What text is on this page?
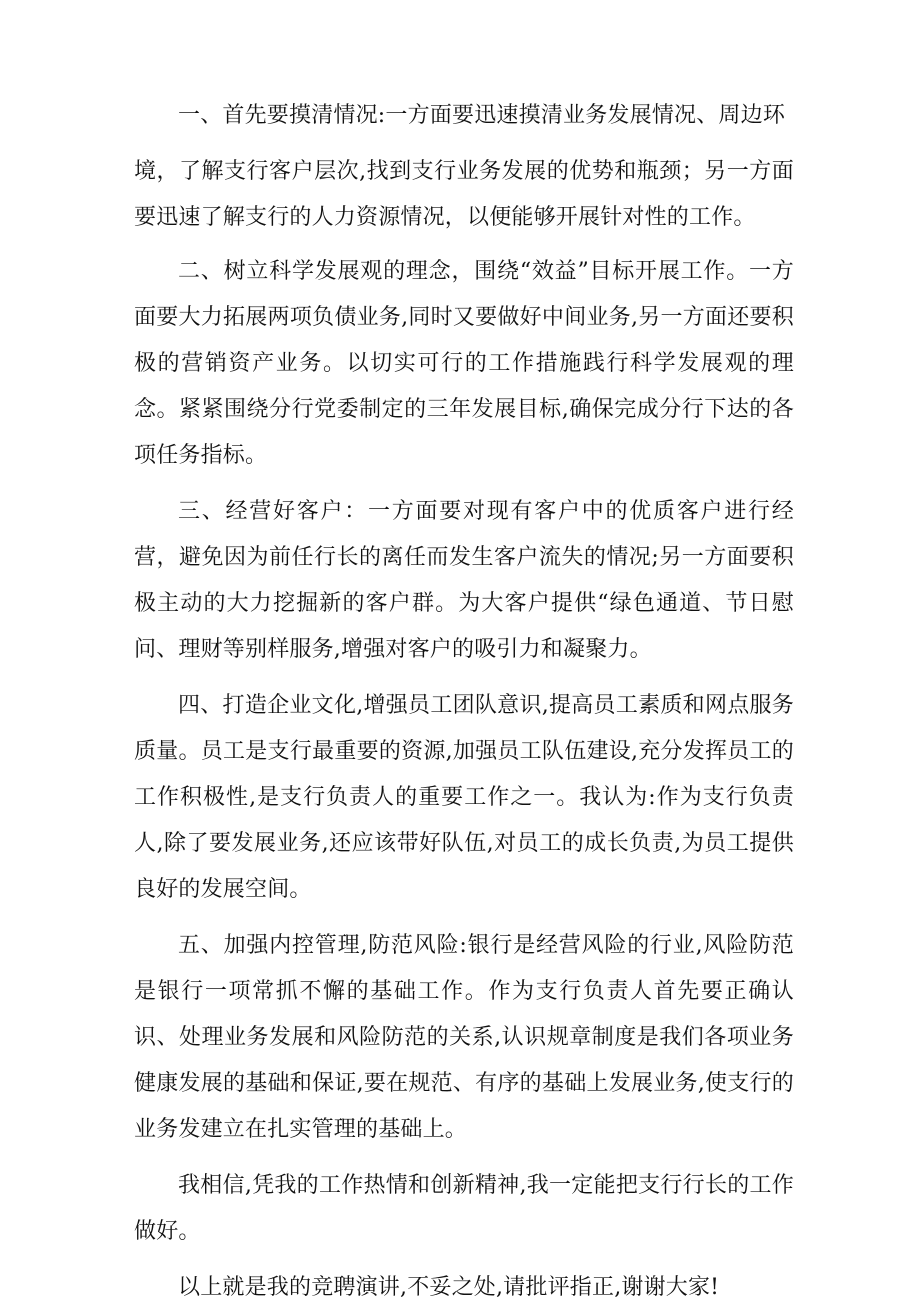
一、首先要摸清情况:一方面要迅速摸清业务发展情况、周边环
境，了解支行客户层次,找到支行业务发展的优势和瓶颈；另一方面要迅速了解支行的人力资源情况，以便能够开展针对性的工作。

二、树立科学发展观的理念，围绕“效益”目标开展工作。一方面要大力拓展两项负债业务,同时又要做好中间业务,另一方面还要积极的营销资产业务。以切实可行的工作措施践行科学发展观的理念。紧紧围绕分行党委制定的三年发展目标,确保完成分行下达的各项任务指标。

三、经营好客户：一方面要对现有客户中的优质客户进行经营，避免因为前任行长的离任而发生客户流失的情况;另一方面要积极主动的大力挖掘新的客户群。为大客户提供“绿色通道、节日慰问、理财等别样服务,增强对客户的吸引力和凝聚力。

四、打造企业文化,增强员工团队意识,提高员工素质和网点服务质量。员工是支行最重要的资源,加强员工队伍建设,充分发挥员工的工作积极性,是支行负责人的重要工作之一。我认为:作为支行负责人,除了要发展业务,还应该带好队伍,对员工的成长负责,为员工提供良好的发展空间。

五、加强内控管理,防范风险:银行是经营风险的行业,风险防范是银行一项常抓不懈的基础工作。作为支行负责人首先要正确认识、处理业务发展和风险防范的关系,认识规章制度是我们各项业务健康发展的基础和保证,要在规范、有序的基础上发展业务,使支行的业务发建立在扎实管理的基础上。

我相信,凭我的工作热情和创新精神,我一定能把支行行长的工作做好。

以上就是我的竞聘演讲,不妥之处,请批评指正,谢谢大家!
